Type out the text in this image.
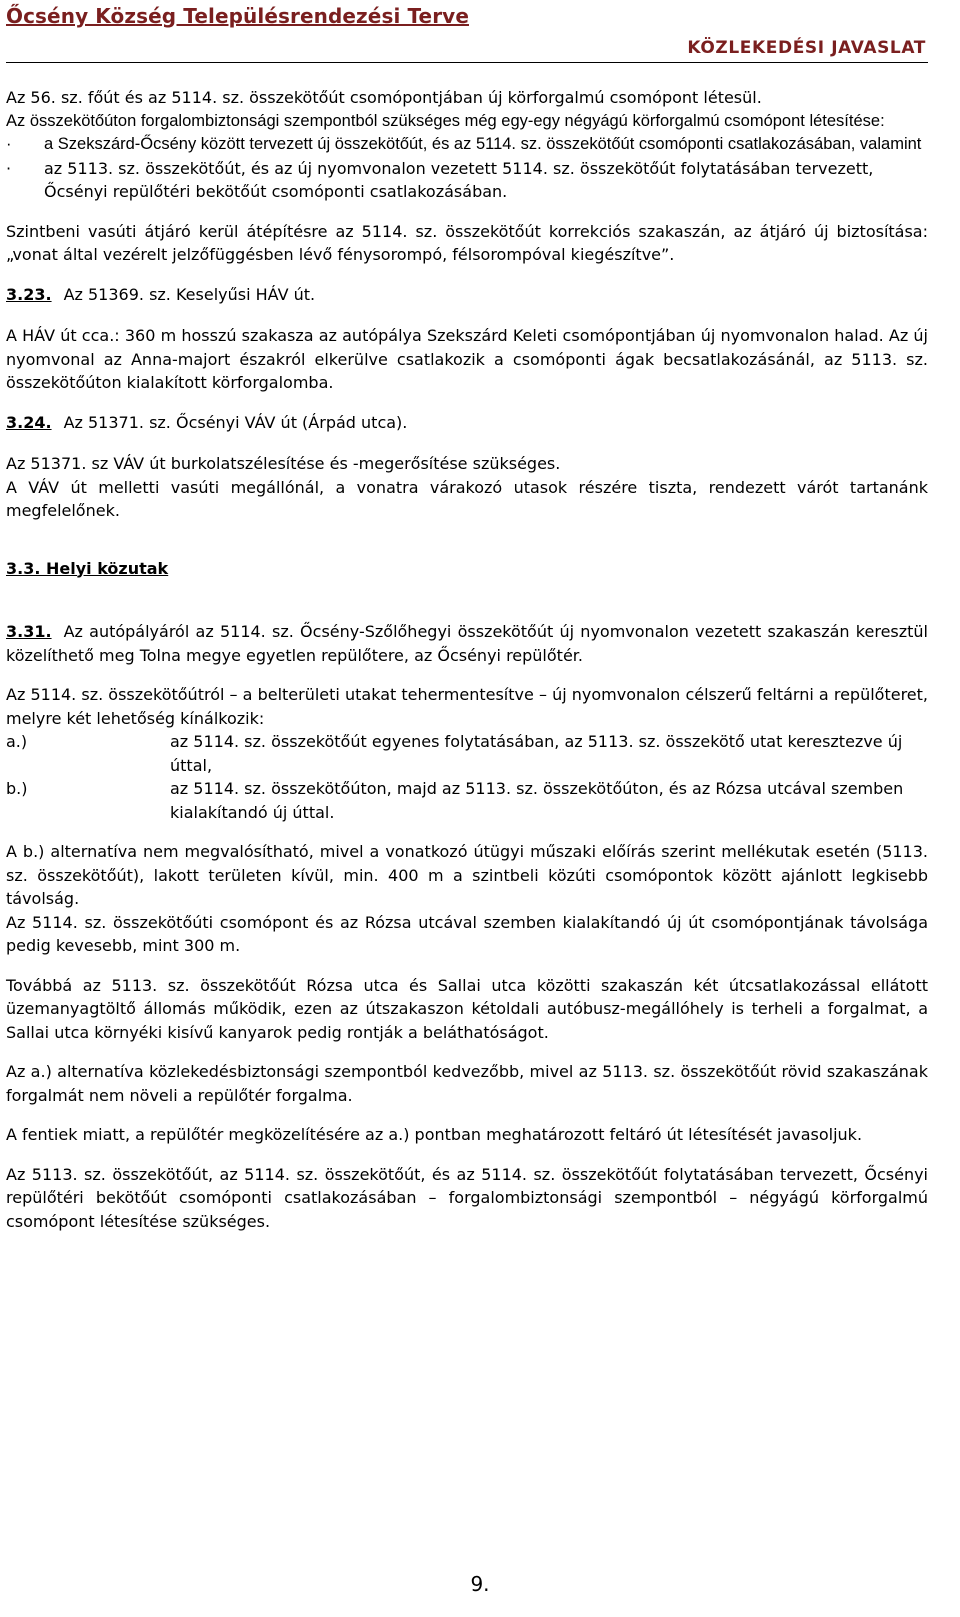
Őcsény Község Településrendezési Terve
KÖZLEKEDÉSI JAVASLAT

Az 56. sz. főút és az 5114. sz. összekötőút csomópontjában új körforgalmú csomópont létesül.

Az összekötőúton forgalombiztonsági szempontból szükséges még egy-egy négyágú körforgalmú csomópont létesítése:

·	a Szekszárd-Őcsény között tervezett új összekötőút, és az 5114. sz. összekötőút csomóponti csatlakozásában, valamint
·	az 5113. sz. összekötőút, és az új nyomvonalon vezetett 5114. sz. összekötőút folytatásában tervezett, Őcsényi repülőtéri bekötőút csomóponti csatlakozásában.

Szintbeni vasúti átjáró kerül átépítésre az 5114. sz. összekötőút korrekciós szakaszán, az átjáró új biztosítása: „vonat által vezérelt jelzőfüggésben lévő fénysorompó, félsorompóval kiegészítve”.

3.23. Az 51369. sz. Keselyűsi HÁV út.

A HÁV út cca.: 360 m hosszú szakasza az autópálya Szekszárd Keleti csomópontjában új nyomvonalon halad. Az új nyomvonal az Anna-majort északról elkerülve csatlakozik a csomóponti ágak becsatlakozásánál, az 5113. sz. összekötőúton kialakított körforgalomba.

3.24. Az 51371. sz. Őcsényi VÁV út (Árpád utca).

Az 51371. sz VÁV út burkolatszélesítése és -megerősítése szükséges.

A VÁV út melletti vasúti megállónál, a vonatra várakozó utasok részére tiszta, rendezett várót tartanánk megfelelőnek.

3.3. Helyi közutak

3.31. Az autópályáról az 5114. sz. Őcsény-Szőlőhegyi összekötőút új nyomvonalon vezetett szakaszán keresztül közelíthető meg Tolna megye egyetlen repülőtere, az Őcsényi repülőtér.

Az 5114. sz. összekötőútról – a belterületi utakat tehermentesítve – új nyomvonalon célszerű feltárni a repülőteret, melyre két lehetőség kínálkozik:

a.)	az 5114. sz. összekötőút egyenes folytatásában, az 5113. sz. összekötő utat keresztezve új úttal,
b.)	az 5114. sz. összekötőúton, majd az 5113. sz. összekötőúton, és az Rózsa utcával szemben kialakítandó új úttal.

A b.) alternatíva nem megvalósítható, mivel a vonatkozó útügyi műszaki előírás szerint mellékutak esetén (5113. sz. összekötőút), lakott területen kívül, min. 400 m a szintbeli közúti csomópontok között ajánlott legkisebb távolság.

Az 5114. sz. összekötőúti csomópont és az Rózsa utcával szemben kialakítandó új út csomópontjának távolsága pedig kevesebb, mint 300 m.

Továbbá az 5113. sz. összekötőút Rózsa utca és Sallai utca közötti szakaszán két útcsatlakozással ellátott üzemanyagtöltő állomás működik, ezen az útszakaszon kétoldali autóbusz-megállóhely is terheli a forgalmat, a Sallai utca környéki kisívű kanyarok pedig rontják a beláthatóságot.

Az a.) alternatíva közlekedésbiztonsági szempontból kedvezőbb, mivel az 5113. sz. összekötőút rövid szakaszának forgalmát nem növeli a repülőtér forgalma.

A fentiek miatt, a repülőtér megközelítésére az a.) pontban meghatározott feltáró út létesítését javasoljuk.

Az 5113. sz. összekötőút, az 5114. sz. összekötőút, és az 5114. sz. összekötőút folytatásában tervezett, Őcsényi repülőtéri bekötőút csomóponti csatlakozásában – forgalombiztonsági szempontból – négyágú körforgalmú csomópont létesítése szükséges.

9.
